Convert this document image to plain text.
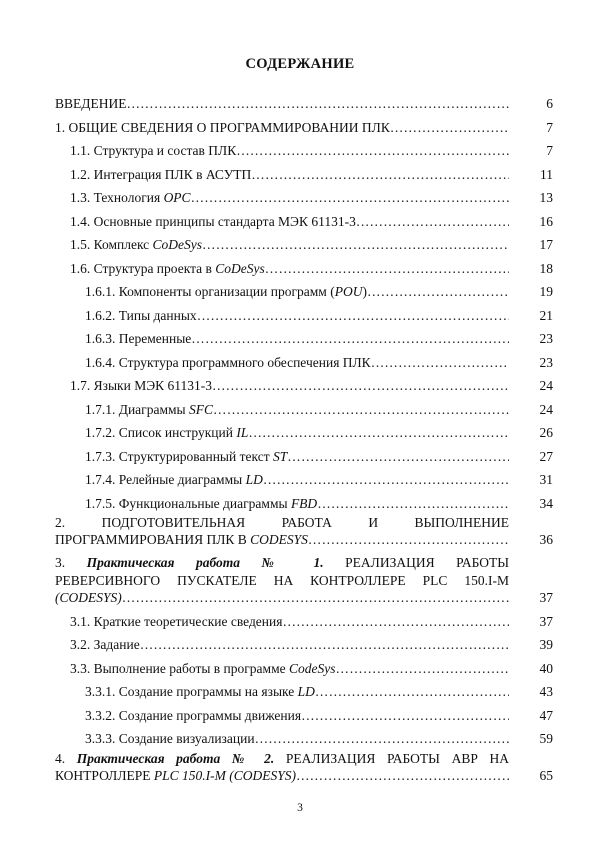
СОДЕРЖАНИЕ
ВВЕДЕНИЕ …………………………………………………………………………………………………………………………………………………………………………………	6
1. ОБЩИЕ СВЕДЕНИЯ О ПРОГРАММИРОВАНИИ ПЛК …………………………………………………………………………………………………………………………………………………………………………………	7
1.1. Структура и состав ПЛК …………………………………………………………………………………………………………………………………………………………………………………	7
1.2. Интеграция ПЛК в АСУТП …………………………………………………………………………………………………………………………………………………………………………………	11
1.3. Технология OPC …………………………………………………………………………………………………………………………………………………………………………………	13
1.4. Основные принципы стандарта МЭК 61131-3 …………………………………………………………………………………………………………………………………………………………………………………	16
1.5. Комплекс CoDeSys …………………………………………………………………………………………………………………………………………………………………………………	17
1.6. Структура проекта в CoDeSys …………………………………………………………………………………………………………………………………………………………………………………	18
1.6.1. Компоненты организации программ (POU) …………………………………………………………………………………………………………………………………………………………………………………	19
1.6.2. Типы данных …………………………………………………………………………………………………………………………………………………………………………………	21
1.6.3. Переменные …………………………………………………………………………………………………………………………………………………………………………………	23
1.6.4. Структура программного обеспечения ПЛК …………………………………………………………………………………………………………………………………………………………………………………	23
1.7. Языки МЭК 61131-3 …………………………………………………………………………………………………………………………………………………………………………………	24
1.7.1. Диаграммы SFC …………………………………………………………………………………………………………………………………………………………………………………	24
1.7.2. Список инструкций IL …………………………………………………………………………………………………………………………………………………………………………………	26
1.7.3. Структурированный текст ST …………………………………………………………………………………………………………………………………………………………………………………	27
1.7.4. Релейные диаграммы LD …………………………………………………………………………………………………………………………………………………………………………………	31
1.7.5. Функциональные диаграммы FBD …………………………………………………………………………………………………………………………………………………………………………………	34
2.	ПОДГОТОВИТЕЛЬНАЯ	РАБОТА	И	ВЫПОЛНЕНИЕ
ПРОГРАММИРОВАНИЯ ПЛК В CODESYS …………………………………………………………………………………………………………………………………………………………………………………	36
3. Практическая работа № 1. РЕАЛИЗАЦИЯ РАБОТЫ
РЕВЕРСИВНОГО ПУСКАТЕЛЕ НА КОНТРОЛЛЕРЕ PLC 150.I-M
(CODESYS) …………………………………………………………………………………………………………………………………………………………………………………	37
3.1. Краткие теоретические сведения …………………………………………………………………………………………………………………………………………………………………………………	37
3.2. Задание …………………………………………………………………………………………………………………………………………………………………………………	39
3.3. Выполнение работы в программе CodeSys …………………………………………………………………………………………………………………………………………………………………………………	40
3.3.1. Создание программы на языке LD …………………………………………………………………………………………………………………………………………………………………………………	43
3.3.2. Создание программы движения …………………………………………………………………………………………………………………………………………………………………………………	47
3.3.3. Создание визуализации …………………………………………………………………………………………………………………………………………………………………………………	59
4. Практическая работа № 2. РЕАЛИЗАЦИЯ РАБОТЫ АВР НА
КОНТРОЛЛЕРЕ PLC 150.I-M (CODESYS) …………………………………………………………………………………………………………………………………………………………………………………	65
3
